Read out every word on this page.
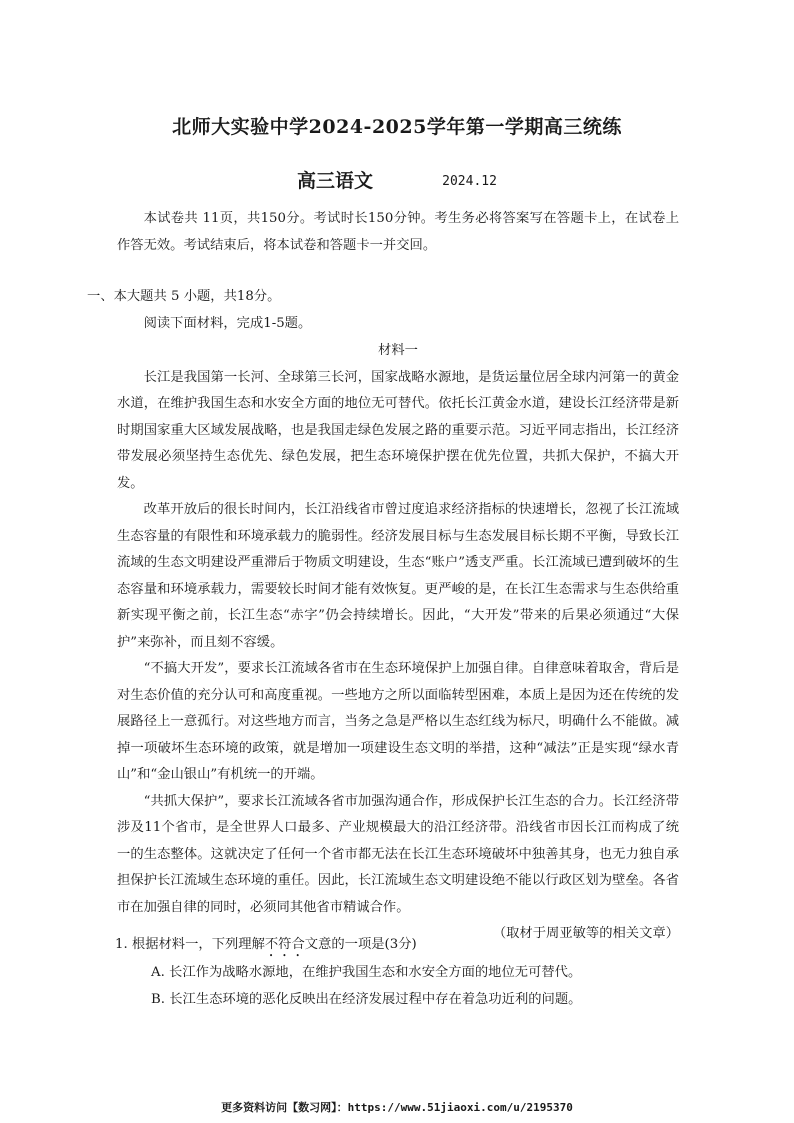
北师大实验中学2024-2025学年第一学期高三统练
高三语文	2024.12

本试卷共 11页，共150分。考试时长150分钟。考生务必将答案写在答题卡上，在试卷上作答无效。考试结束后，将本试卷和答题卡一并交回。

一、本大题共 5 小题，共18分。

阅读下面材料，完成1-5题。

材料一

长江是我国第一长河、全球第三长河，国家战略水源地，是货运量位居全球内河第一的黄金水道，在维护我国生态和水安全方面的地位无可替代。依托长江黄金水道，建设长江经济带是新时期国家重大区域发展战略，也是我国走绿色发展之路的重要示范。习近平同志指出，长江经济带发展必须坚持生态优先、绿色发展，把生态环境保护摆在优先位置，共抓大保护，不搞大开发。

改革开放后的很长时间内，长江沿线省市曾过度追求经济指标的快速增长，忽视了长江流域生态容量的有限性和环境承载力的脆弱性。经济发展目标与生态发展目标长期不平衡，导致长江流域的生态文明建设严重滞后于物质文明建设，生态“账户”透支严重。长江流域已遭到破坏的生态容量和环境承载力，需要较长时间才能有效恢复。更严峻的是，在长江生态需求与生态供给重新实现平衡之前，长江生态“赤字”仍会持续增长。因此，“大开发”带来的后果必须通过“大保护”来弥补，而且刻不容缓。

“不搞大开发”，要求长江流域各省市在生态环境保护上加强自律。自律意味着取舍，背后是对生态价值的充分认可和高度重视。一些地方之所以面临转型困难，本质上是因为还在传统的发展路径上一意孤行。对这些地方而言，当务之急是严格以生态红线为标尺，明确什么不能做。减掉一项破坏生态环境的政策，就是增加一项建设生态文明的举措，这种“减法”正是实现“绿水青山”和“金山银山”有机统一的开端。

“共抓大保护”，要求长江流域各省市加强沟通合作，形成保护长江生态的合力。长江经济带涉及11个省市，是全世界人口最多、产业规模最大的沿江经济带。沿线省市因长江而构成了统一的生态整体。这就决定了任何一个省市都无法在长江生态环境破坏中独善其身，也无力独自承担保护长江流域生态环境的重任。因此，长江流域生态文明建设绝不能以行政区划为壁垒。各省市在加强自律的同时，必须同其他省市精诚合作。

（取材于周亚敏等的相关文章）

1. 根据材料一，下列理解不符合文意的一项是(3分)

A. 长江作为战略水源地，在维护我国生态和水安全方面的地位无可替代。

B. 长江生态环境的恶化反映出在经济发展过程中存在着急功近利的问题。

更多资料访问【数习网】：https://www.51jiaoxi.com/u/2195370
